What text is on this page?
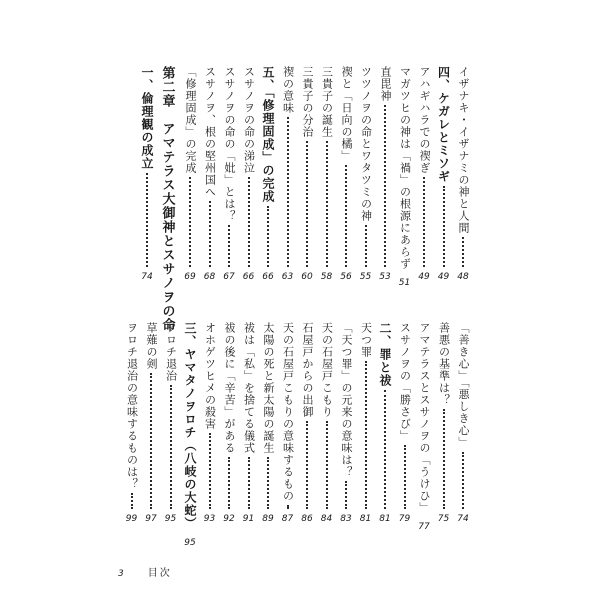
イザナキ・イザナミの神と人間
48
四、ケガレとミソギ
49
アハギハラでの禊ぎ
49
マガツヒの神は「禍」の根源にあらず
51
直毘神
53
ツツノヲの命とワタツミの神
55
禊と「日向の橘」
56
三貴子の誕生
58
三貴子の分治
60
禊の意味
63
五、「修理固成」の完成
66
スサノヲの命の涕泣
66
スサノヲの命の「妣」とは？
67
スサノヲ、根の堅州国へ
68
「修理固成」の完成
69
第二章　アマテラス大御神とスサノヲの命
一、倫理観の成立
74
「善き心」「悪しき心」
74
善悪の基準は？
75
アマテラスとスサノヲの「うけひ」
77
スサノヲの「勝さび」
79
二、罪と祓
81
天つ罪
81
「天つ罪」の元来の意味は？
83
天の石屋戸こもり
84
石屋戸からの出御
86
天の石屋戸こもりの意味するもの
87
太陽の死と新太陽の誕生
89
祓は「私」を捨てる儀式
91
祓の後に「辛苦」がある
92
オホゲツヒメの殺害
93
三、ヤマタノヲロチ（八岐の大蛇）
95
ヲロチ退治
95
草薙の剣
97
ヲロチ退治の意味するものは？
99
3 目次
